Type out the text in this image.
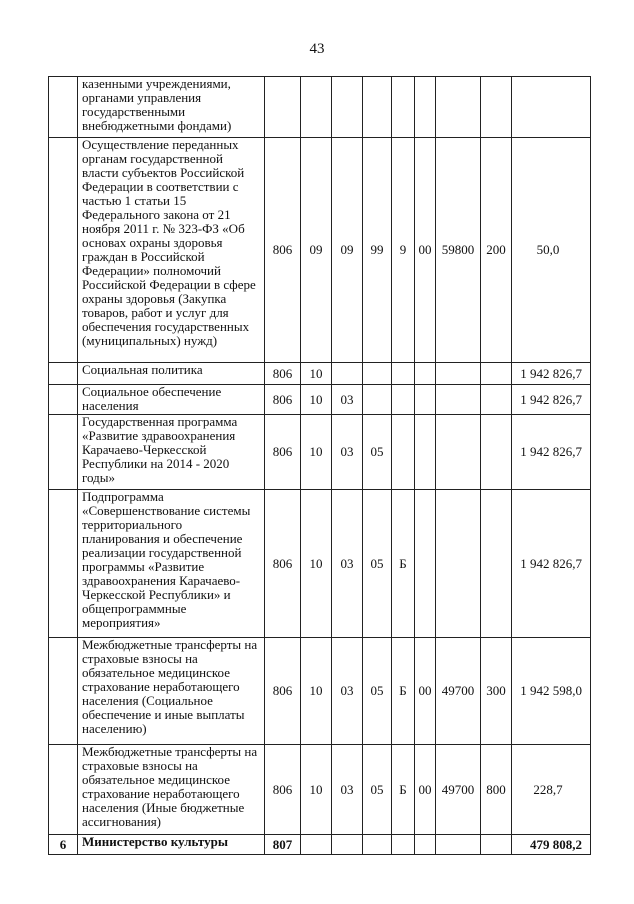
43
	казенными учреждениями, органами управления государственными внебюджетными фондами)									
	Осуществление переданных органам государственной власти субъектов Российской Федерации в соответствии с частью 1 статьи 15 Федерального закона от 21 ноября 2011 г. № 323-ФЗ «Об основах охраны здоровья граждан в Российской Федерации» полномочий Российской Федерации в сфере охраны здоровья (Закупка товаров, работ и услуг для обеспечения государственных (муниципальных) нужд)	806	09	09	99	9	00	59800	200	50,0
	Социальная политика	806	10							1 942 826,7
	Социальное обеспечение населения	806	10	03						1 942 826,7
	Государственная программа «Развитие здравоохранения Карачаево-Черкесской Республики на 2014 - 2020 годы»	806	10	03	05					1 942 826,7
	Подпрограмма «Совершенствование системы территориального планирования и обеспечение реализации государственной программы «Развитие здравоохранения Карачаево-Черкесской Республики» и общепрограммные мероприятия»	806	10	03	05	Б				1 942 826,7
	Межбюджетные трансферты на страховые взносы на обязательное медицинское страхование неработающего населения (Социальное обеспечение и иные выплаты населению)	806	10	03	05	Б	00	49700	300	1 942 598,0
	Межбюджетные трансферты на страховые взносы на обязательное медицинское страхование неработающего населения (Иные бюджетные ассигнования)	806	10	03	05	Б	00	49700	800	228,7
6	Министерство культуры	807								479 808,2
